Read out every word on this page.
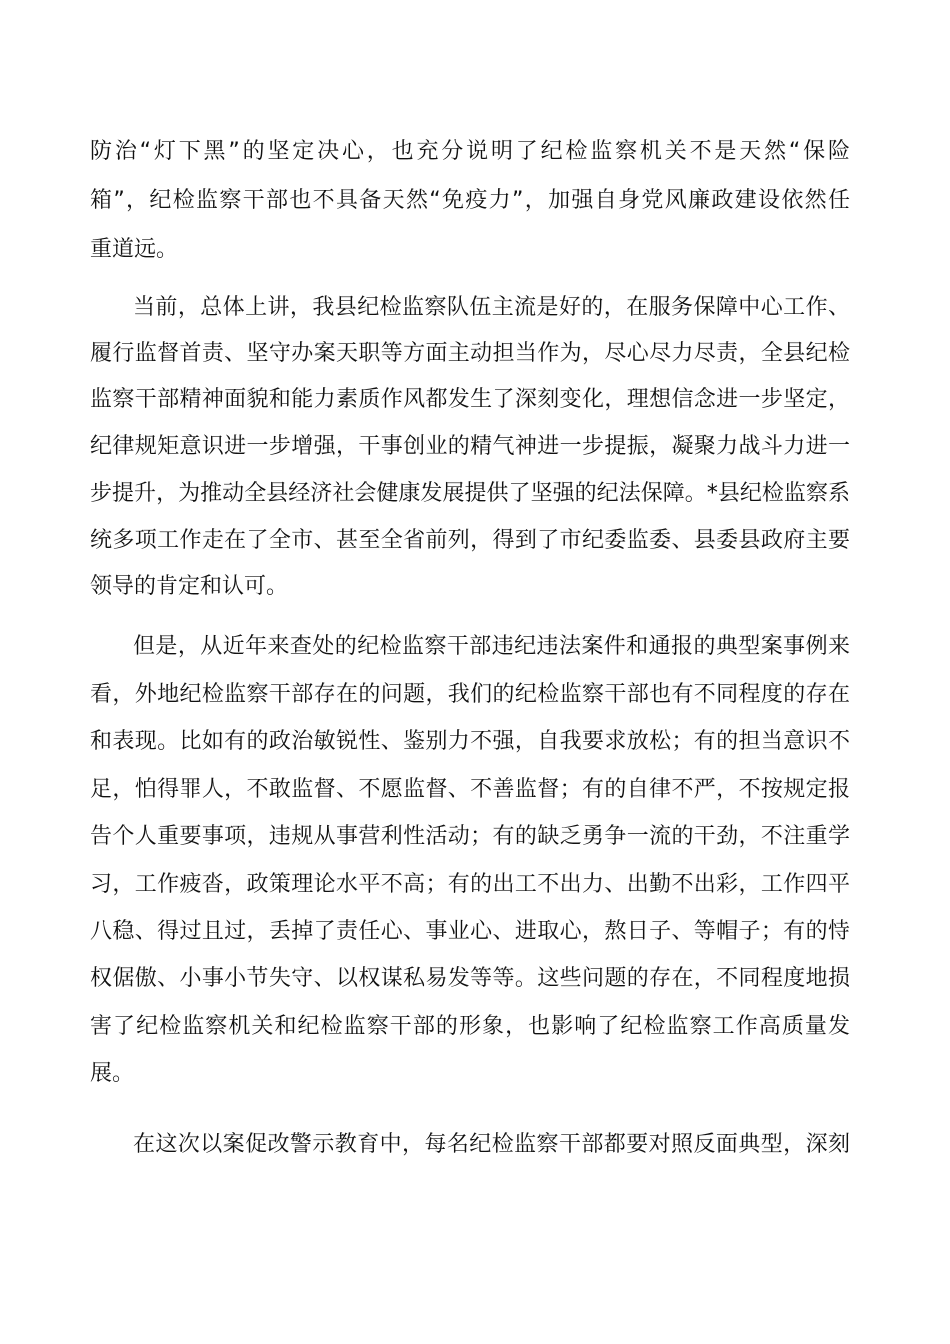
防治“灯下黑”的坚定决心，也充分说明了纪检监察机关不是天然“保险
箱”，纪检监察干部也不具备天然“免疫力”，加强自身党风廉政建设依然任
重道远。
当前，总体上讲，我县纪检监察队伍主流是好的，在服务保障中心工作、
履行监督首责、坚守办案天职等方面主动担当作为，尽心尽力尽责，全县纪检
监察干部精神面貌和能力素质作风都发生了深刻变化，理想信念进一步坚定，
纪律规矩意识进一步增强，干事创业的精气神进一步提振，凝聚力战斗力进一
步提升，为推动全县经济社会健康发展提供了坚强的纪法保障。*县纪检监察系
统多项工作走在了全市、甚至全省前列，得到了市纪委监委、县委县政府主要
领导的肯定和认可。
但是，从近年来查处的纪检监察干部违纪违法案件和通报的典型案事例来
看，外地纪检监察干部存在的问题，我们的纪检监察干部也有不同程度的存在
和表现。比如有的政治敏锐性、鉴别力不强，自我要求放松；有的担当意识不
足，怕得罪人，不敢监督、不愿监督、不善监督；有的自律不严，不按规定报
告个人重要事项，违规从事营利性活动；有的缺乏勇争一流的干劲，不注重学
习，工作疲沓，政策理论水平不高；有的出工不出力、出勤不出彩，工作四平
八稳、得过且过，丢掉了责任心、事业心、进取心，熬日子、等帽子；有的恃
权倨傲、小事小节失守、以权谋私易发等等。这些问题的存在，不同程度地损
害了纪检监察机关和纪检监察干部的形象，也影响了纪检监察工作高质量发
展。
在这次以案促改警示教育中，每名纪检监察干部都要对照反面典型，深刻
